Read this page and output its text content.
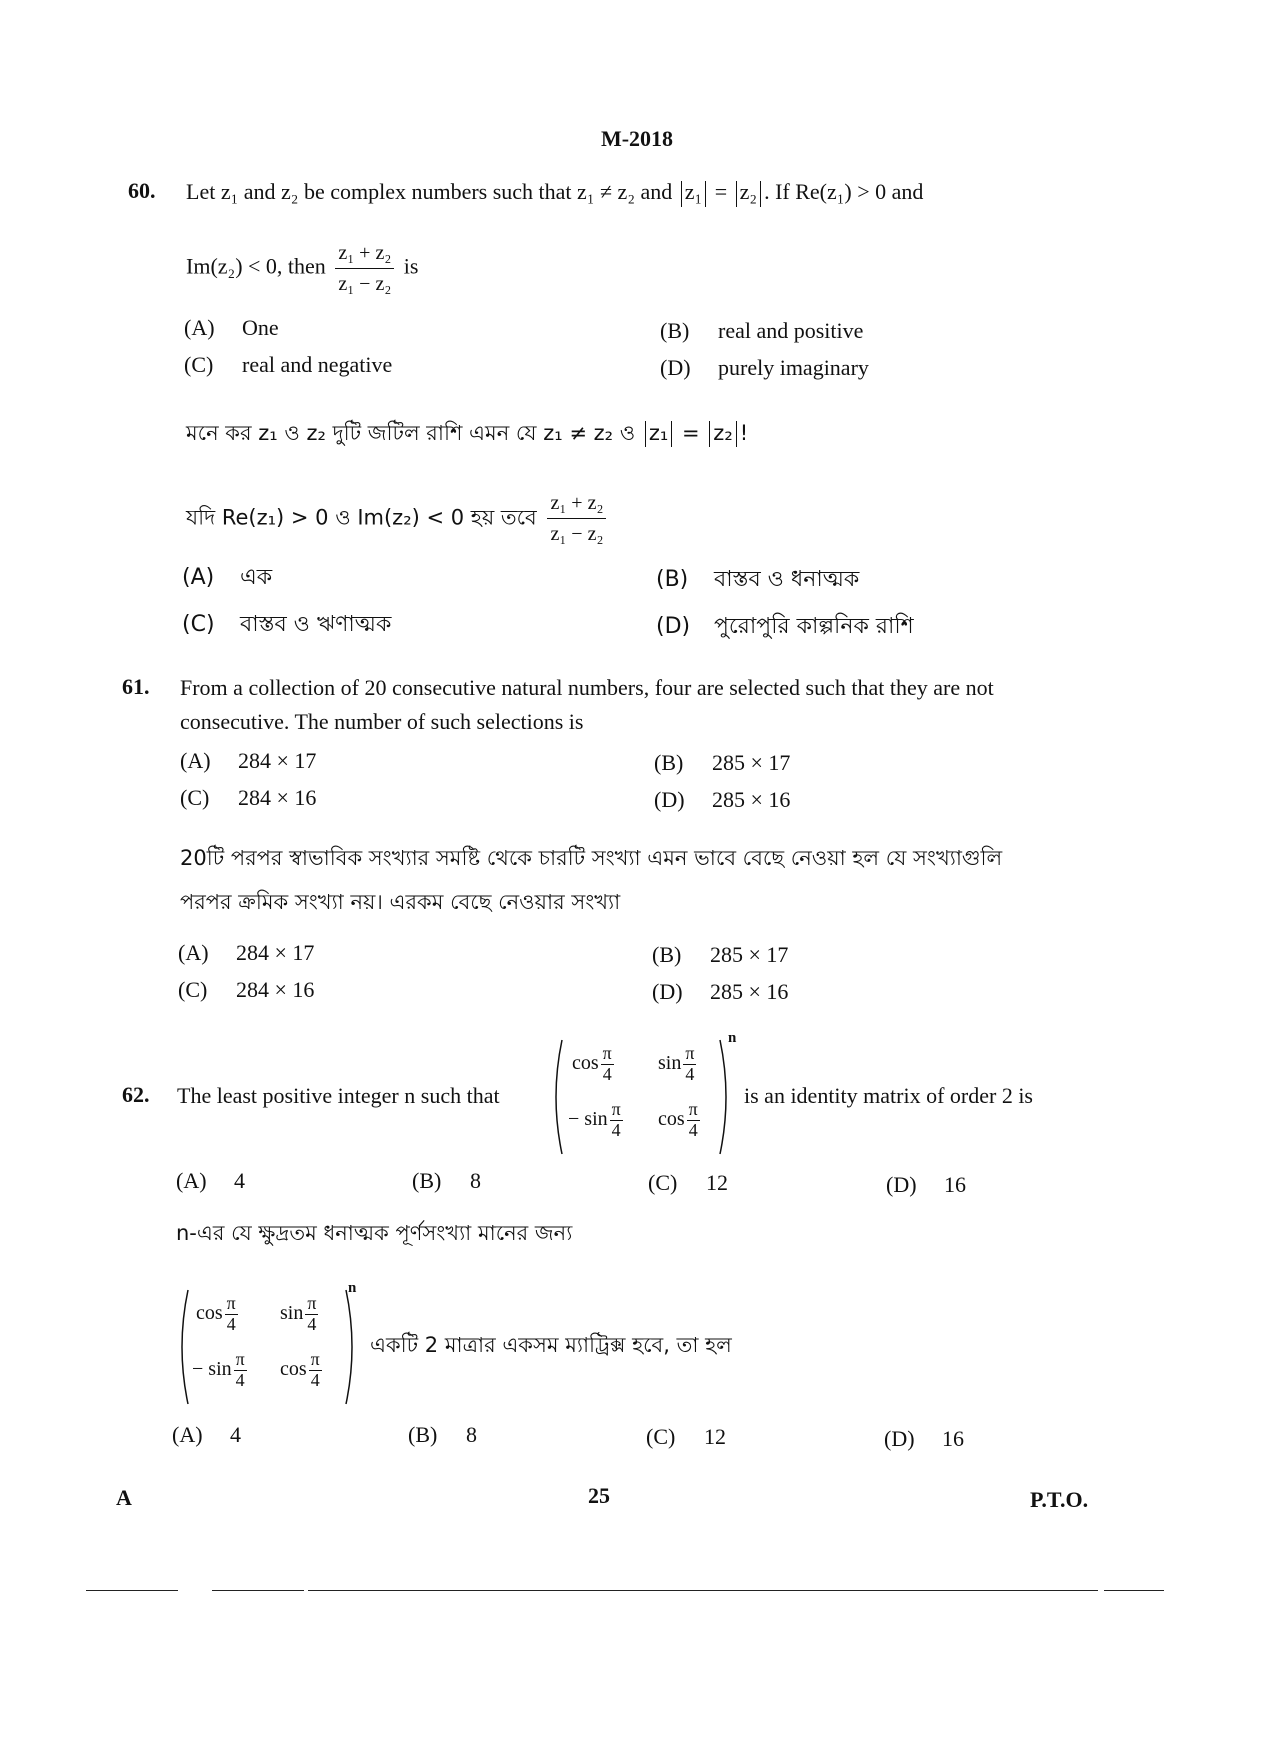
M-2018
60. Let z₁ and z₂ be complex numbers such that z₁ ≠ z₂ and z₁ = z₂ . If Re(z₁) > 0 and
Im(z₂) < 0, then $\frac{\text{z₁ + z₂}}{\text{z₁ − z₂}}$ is
(A) One	(B) real and positive
(C) real and negative	(D) purely imaginary
মনে কর z₁ ও z₂ দুটি জটিল রাশি এমন যে z₁ ≠ z₂ ও z₁ = z₂ !
যদি Re(z₁) > 0 ও Im(z₂) < 0 হয় তবে $\frac{\text{z₁ + z₂}}{\text{z₁ − z₂}}$
(A) এক	(B) বাস্তব ও ধনাত্মক
(C) বাস্তব ও ঋণাত্মক	(D) পুরোপুরি কাল্পনিক রাশি
61. From a collection of 20 consecutive natural numbers, four are selected such that they are not consecutive. The number of such selections is
(A) 284 × 17	(B) 285 × 17
(C) 284 × 16	(D) 285 × 16
20টি পরপর স্বাভাবিক সংখ্যার সমষ্টি থেকে চারটি সংখ্যা এমন ভাবে বেছে নেওয়া হল যে সংখ্যাগুলি
পরপর ক্রমিক সংখ্যা নয়। এরকম বেছে নেওয়ার সংখ্যা
(A) 284 × 17	(B) 285 × 17
(C) 284 × 16	(D) 285 × 16
62. The least positive integer n such that
n
$\cos \frac{\pi}{4}$ $\sin \frac{\pi}{4}$
− $\sin \frac{\pi}{4}$ $\cos \frac{\pi}{4}$
is an identity matrix of order 2 is
(A) 4	(B) 8	(C) 12	(D) 16
n-এর যে ক্ষুদ্রতম ধনাত্মক পূর্ণসংখ্যা মানের জন্য
n
$\cos \frac{\pi}{4}$ $\sin \frac{\pi}{4}$
− $\sin \frac{\pi}{4}$ $\cos \frac{\pi}{4}$
একটি 2 মাত্রার একসম ম্যাট্রিক্স হবে, তা হল
(A) 4	(B) 8	(C) 12	(D) 16
A	25	P.T.O.
